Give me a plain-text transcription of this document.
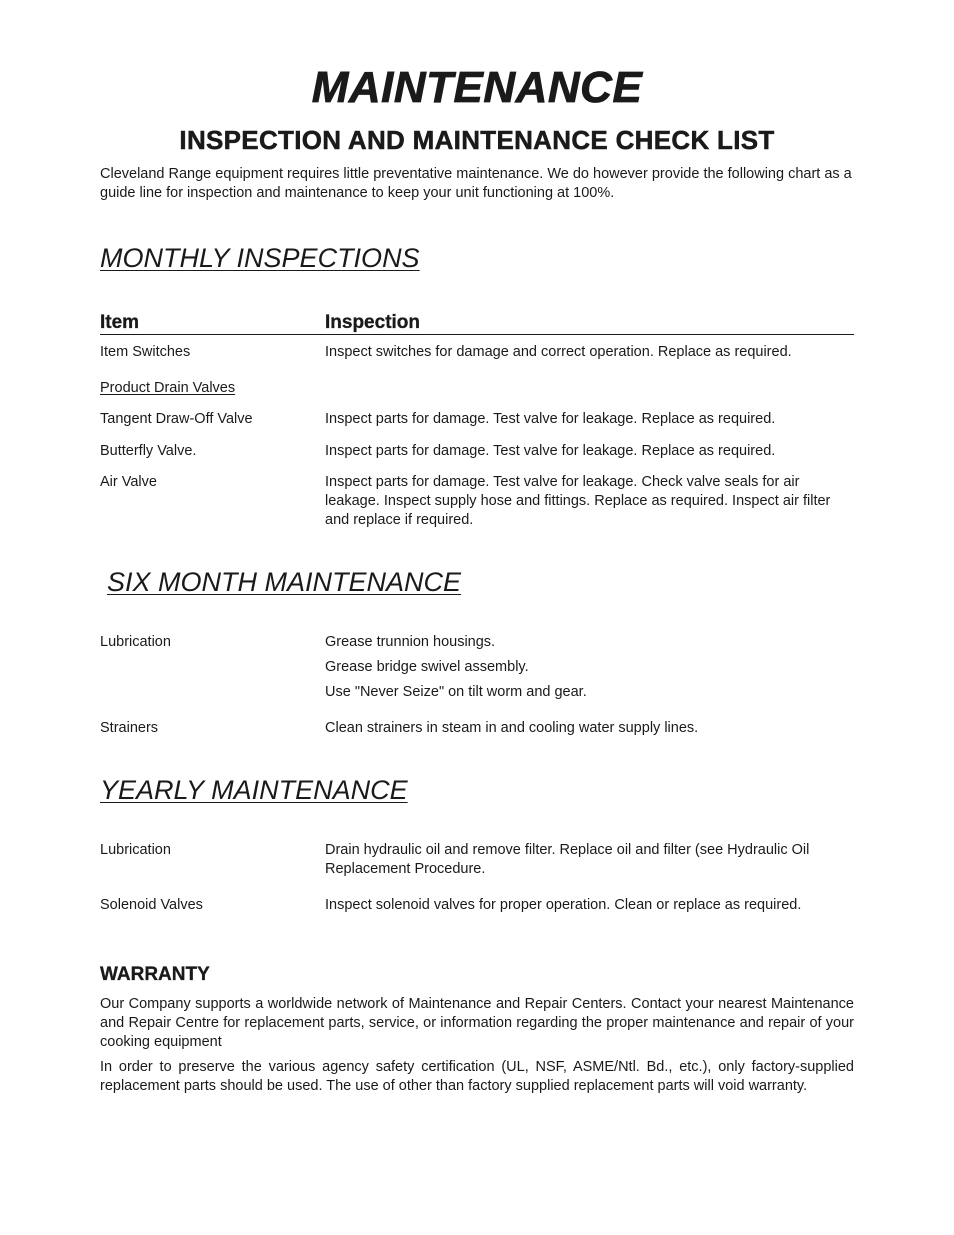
MAINTENANCE
INSPECTION AND MAINTENANCE CHECK LIST

Cleveland Range equipment requires little preventative maintenance. We do however provide the following chart as a guide line for inspection and maintenance to keep your unit functioning at 100%.

MONTHLY INSPECTIONS
Item	Inspection

Item Switches	Inspect switches for damage and correct operation. Replace as required.

Product Drain Valves

Tangent Draw-Off Valve	Inspect parts for damage. Test valve for leakage. Replace as required.

Butterfly Valve.	Inspect parts for damage. Test valve for leakage. Replace as required.

Air Valve	Inspect parts for damage. Test valve for leakage. Check valve seals for air leakage. Inspect supply hose and fittings. Replace as required. Inspect air filter and replace if required.

SIX MONTH MAINTENANCE

Lubrication	Grease trunnion housings.

Grease bridge swivel assembly.

Use "Never Seize" on tilt worm and gear.

Strainers	Clean strainers in steam in and cooling water supply lines.

YEARLY MAINTENANCE

Lubrication	Drain hydraulic oil and remove filter. Replace oil and filter (see Hydraulic Oil Replacement Procedure.

Solenoid Valves	Inspect solenoid valves for proper operation. Clean or replace as required.

WARRANTY

Our Company supports a worldwide network of Maintenance and Repair Centers. Contact your nearest Maintenance and Repair Centre for replacement parts, service, or information regarding the proper maintenance and repair of your cooking equipment

In order to preserve the various agency safety certification (UL, NSF, ASME/Ntl. Bd., etc.), only factory-supplied replacement parts should be used. The use of other than factory supplied replacement parts will void warranty.
